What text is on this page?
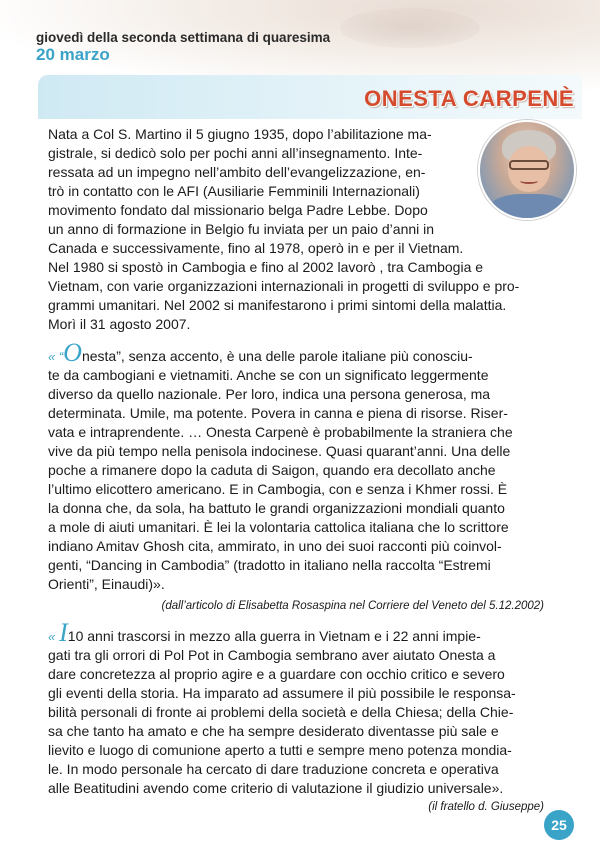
giovedì della seconda settimana di quaresima
20 marzo
ONESTA CARPENÈ
Nata a Col S. Martino il 5 giugno 1935, dopo l’abilitazione ma-
gistrale, si dedicò solo per pochi anni all’insegnamento. Inte-
ressata ad un impegno nell’ambito dell’evangelizzazione, en-
trò in contatto con le AFI (Ausiliarie Femminili Internazionali)
movimento fondato dal missionario belga Padre Lebbe. Dopo
un anno di formazione in Belgio fu inviata per un paio d’anni in
Canada e successivamente, fino al 1978, operò in e per il Vietnam.
Nel 1980 si spostò in Cambogia e fino al 2002 lavorò , tra Cambogia e
Vietnam, con varie organizzazioni internazionali in progetti di sviluppo e pro-
grammi umanitari. Nel 2002 si manifestarono i primi sintomi della malattia.
Morì il 31 agosto 2007.
« “Onesta”, senza accento, è una delle parole italiane più conosciu-
te da cambogiani e vietnamiti. Anche se con un significato leggermente
diverso da quello nazionale. Per loro, indica una persona generosa, ma
determinata. Umile, ma potente. Povera in canna e piena di risorse. Riser-
vata e intraprendente. … Onesta Carpenè è probabilmente la straniera che
vive da più tempo nella penisola indocinese. Quasi quarant’anni. Una delle
poche a rimanere dopo la caduta di Saigon, quando era decollato anche
l’ultimo elicottero americano. E in Cambogia, con e senza i Khmer rossi. È
la donna che, da sola, ha battuto le grandi organizzazioni mondiali quanto
a mole di aiuti umanitari. È lei la volontaria cattolica italiana che lo scrittore
indiano Amitav Ghosh cita, ammirato, in uno dei suoi racconti più coinvol-
genti, “Dancing in Cambodia” (tradotto in italiano nella raccolta “Estremi
Orienti”, Einaudi)».
(dall’articolo di Elisabetta Rosaspina nel Corriere del Veneto del 5.12.2002)
« I10 anni trascorsi in mezzo alla guerra in Vietnam e i 22 anni impie-
gati tra gli orrori di Pol Pot in Cambogia sembrano aver aiutato Onesta a
dare concretezza al proprio agire e a guardare con occhio critico e severo
gli eventi della storia. Ha imparato ad assumere il più possibile le responsa-
bilità personali di fronte ai problemi della società e della Chiesa; della Chie-
sa che tanto ha amato e che ha sempre desiderato diventasse più sale e
lievito e luogo di comunione aperto a tutti e sempre meno potenza mondia-
le. In modo personale ha cercato di dare traduzione concreta e operativa
alle Beatitudini avendo come criterio di valutazione il giudizio universale».
(il fratello d. Giuseppe)
25
